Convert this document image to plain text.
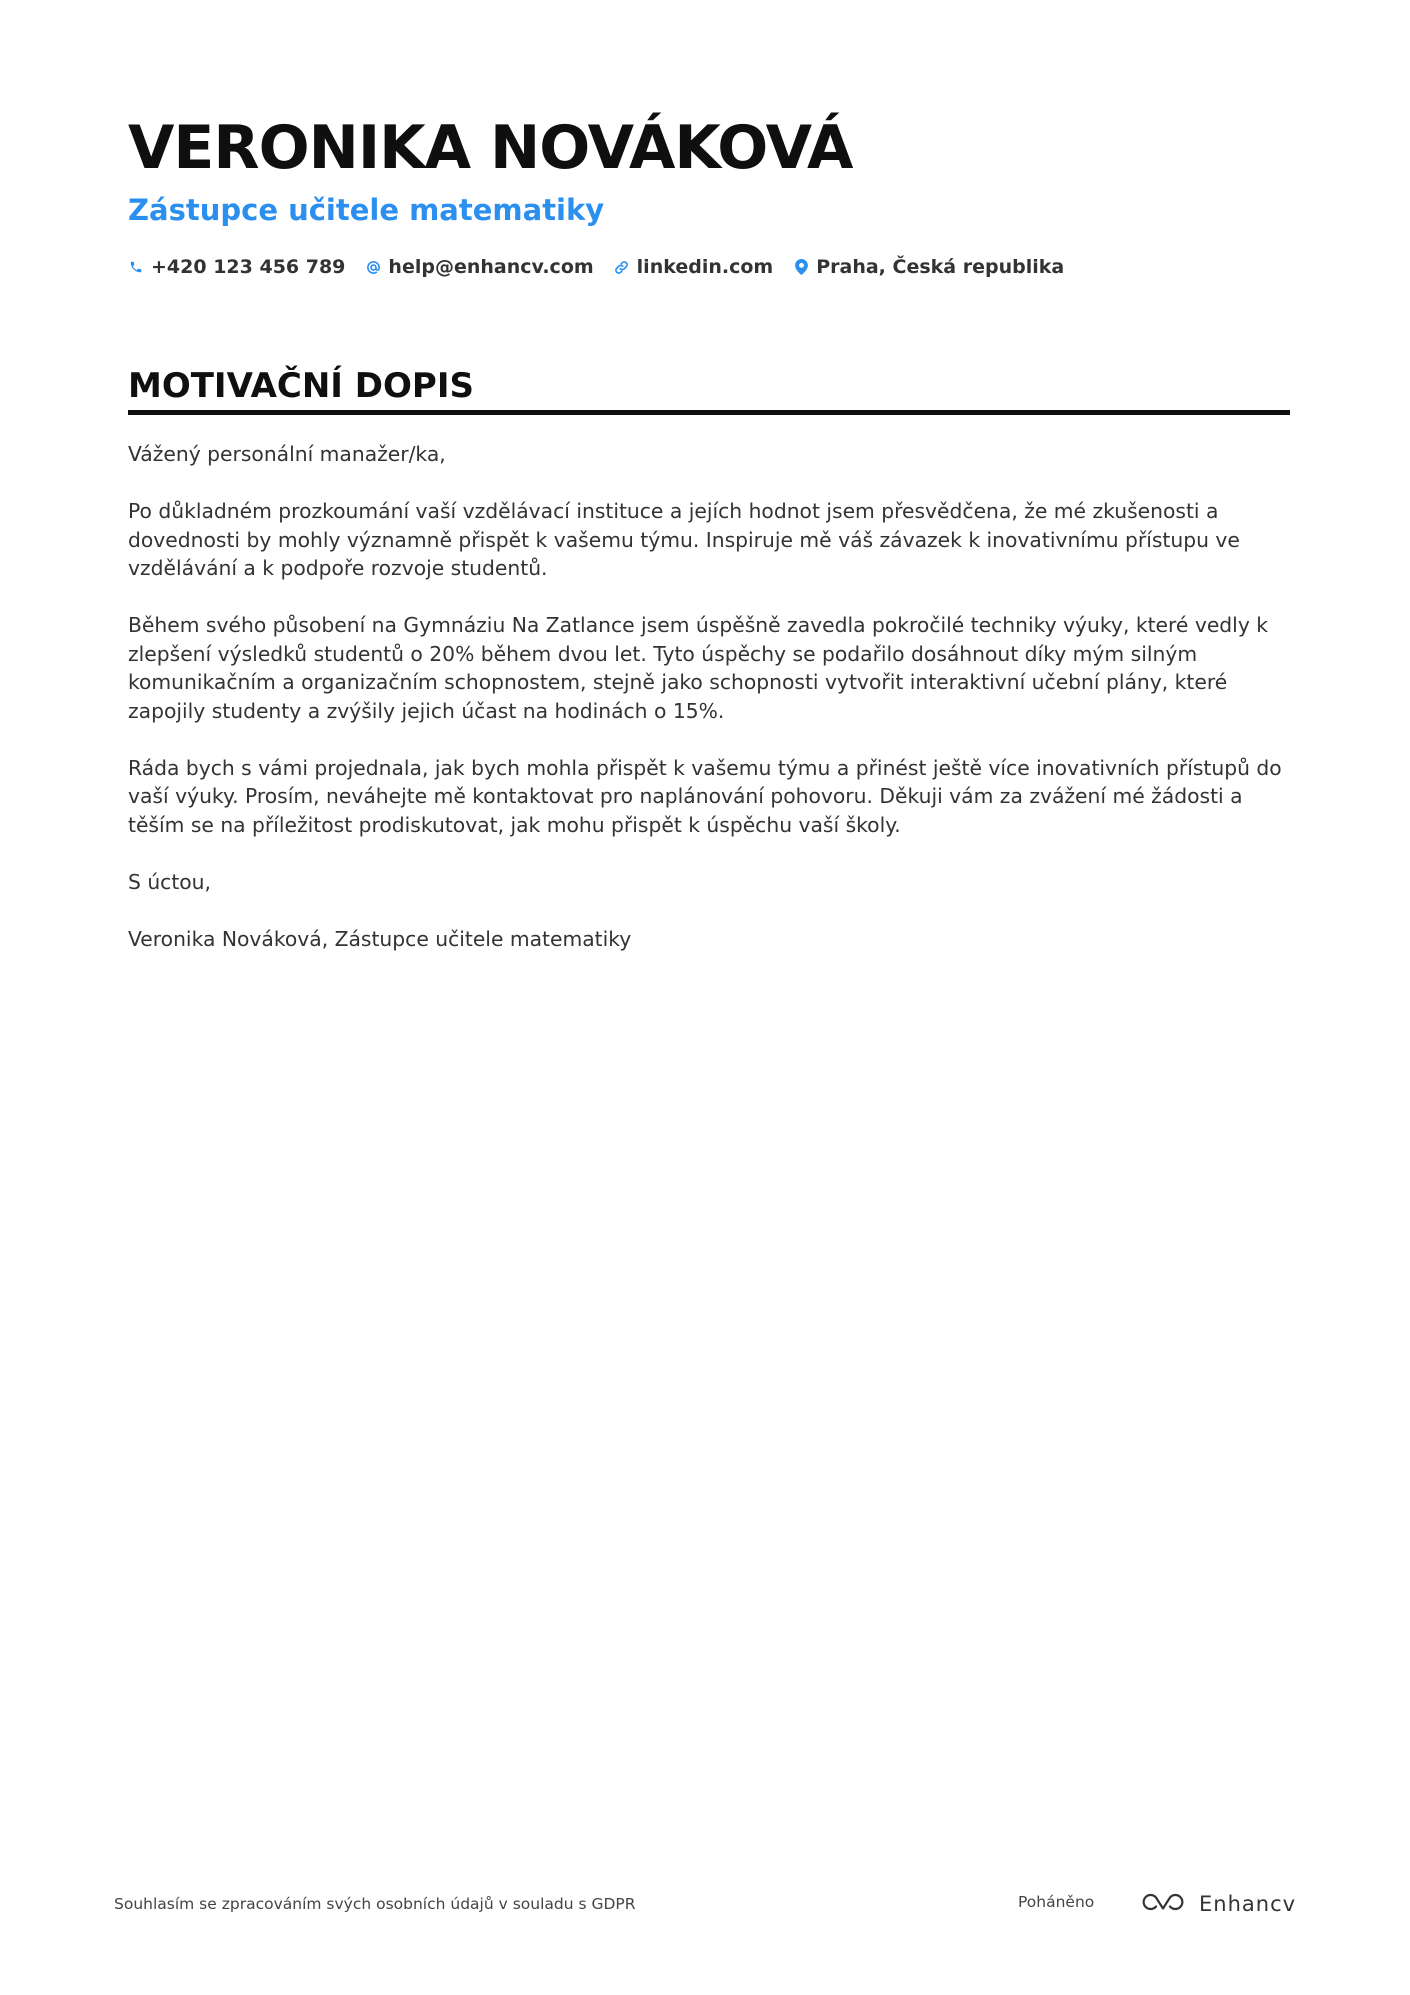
VERONIKA NOVÁKOVÁ
Zástupce učitele matematiky
+420 123 456 789 help@enhancv.com linkedin.com Praha, Česká republika
MOTIVAČNÍ DOPIS

Vážený personální manažer/ka,

Po důkladném prozkoumání vaší vzdělávací instituce a jejích hodnot jsem přesvědčena, že mé zkušenosti a dovednosti by mohly významně přispět k vašemu týmu. Inspiruje mě váš závazek k inovativnímu přístupu ve vzdělávání a k podpoře rozvoje studentů.

Během svého působení na Gymnáziu Na Zatlance jsem úspěšně zavedla pokročilé techniky výuky, které vedly k zlepšení výsledků studentů o 20% během dvou let. Tyto úspěchy se podařilo dosáhnout díky mým silným komunikačním a organizačním schopnostem, stejně jako schopnosti vytvořit interaktivní učební plány, které zapojily studenty a zvýšily jejich účast na hodinách o 15%.

Ráda bych s vámi projednala, jak bych mohla přispět k vašemu týmu a přinést ještě více inovativních přístupů do vaší výuky. Prosím, neváhejte mě kontaktovat pro naplánování pohovoru. Děkuji vám za zvážení mé žádosti a těším se na příležitost prodiskutovat, jak mohu přispět k úspěchu vaší školy.

S úctou,

Veronika Nováková, Zástupce učitele matematiky

Souhlasím se zpracováním svých osobních údajů v souladu s GDPR	Poháněno	Enhancv
